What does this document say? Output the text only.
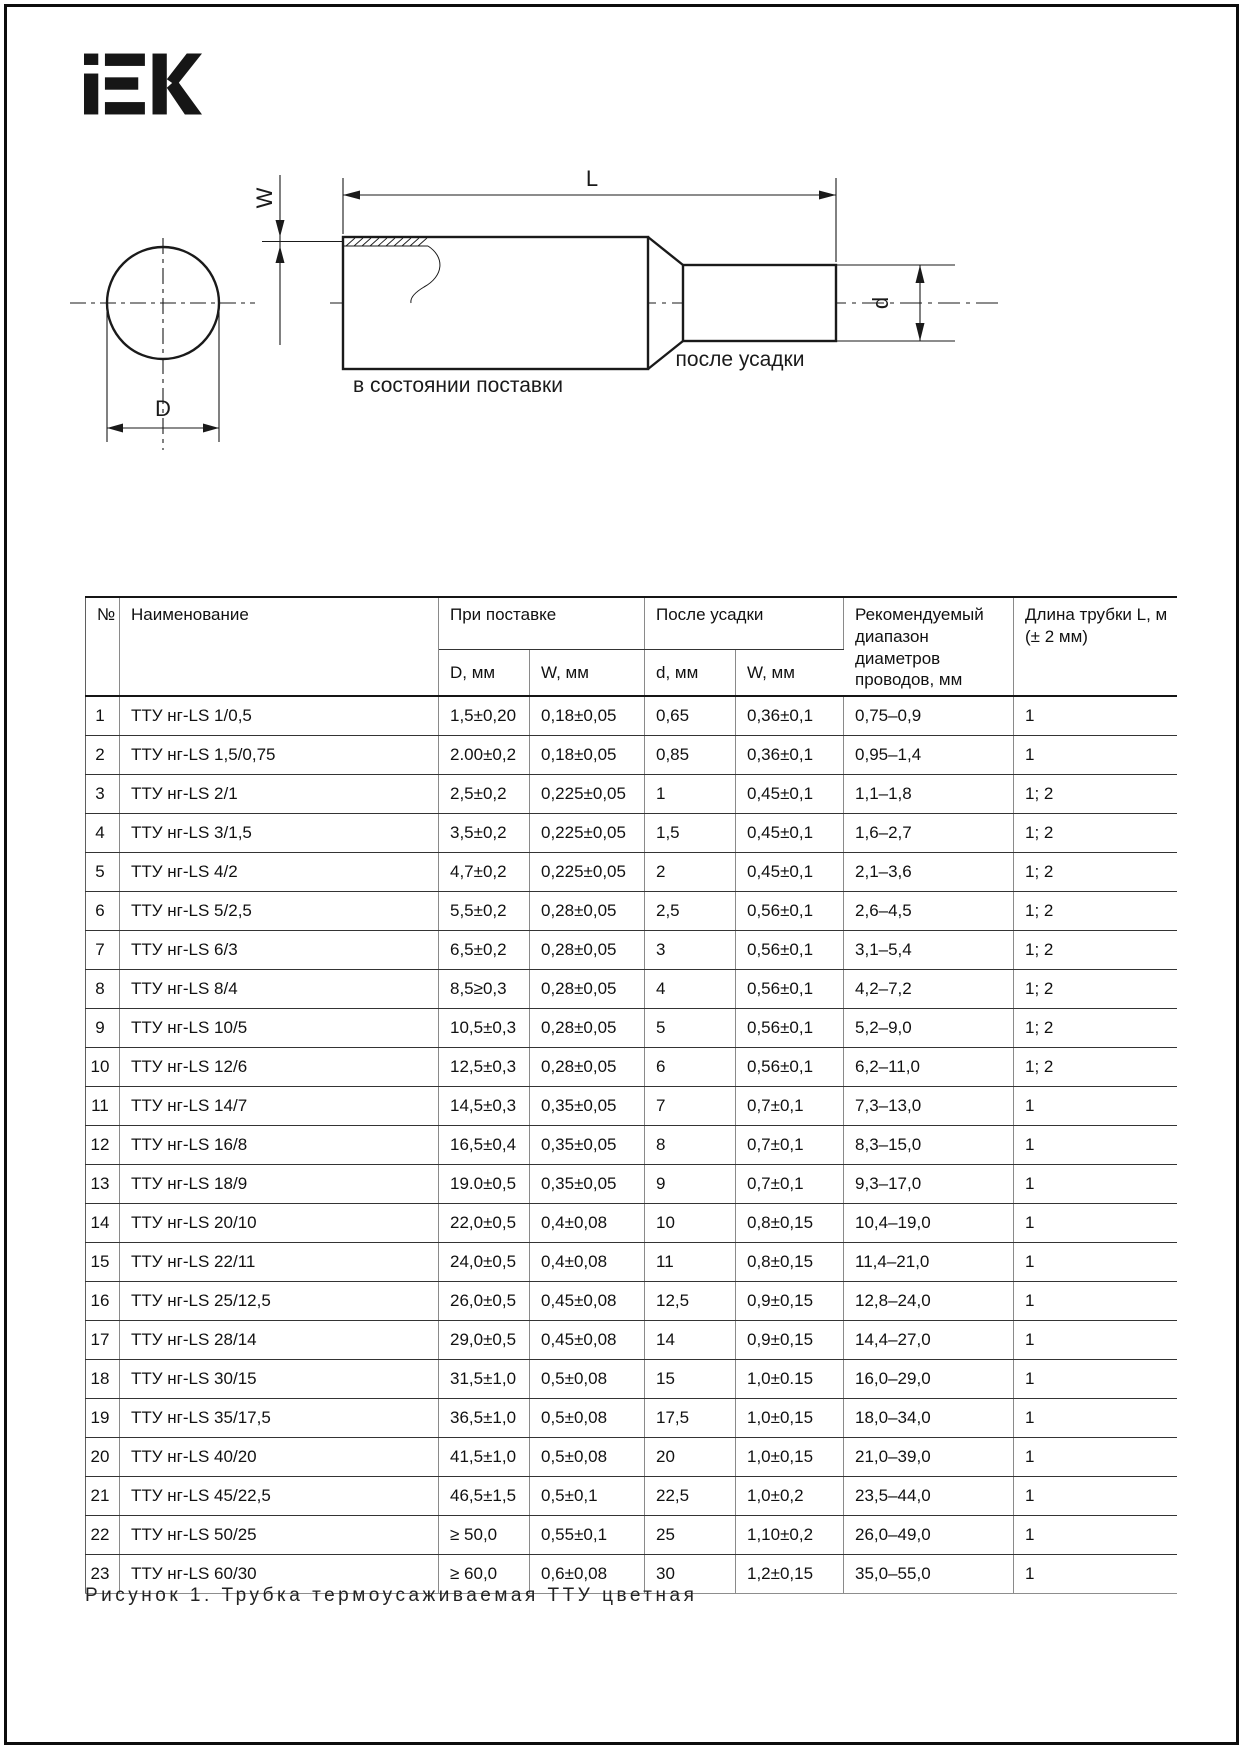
W
L
D
d
после усадки
в состоянии поставки
№	Наименование	При поставке		После усадки		Рекомендуемый диапазон диаметров проводов, мм	Длина трубки L, м (± 2 мм)
		D, мм	W, мм	d, мм	W, мм		
1	ТТУ нг-LS 1/0,5	1,5±0,20	0,18±0,05	0,65	0,36±0,1	0,75–0,9	1
2	ТТУ нг-LS 1,5/0,75	2.00±0,2	0,18±0,05	0,85	0,36±0,1	0,95–1,4	1
3	ТТУ нг-LS 2/1	2,5±0,2	0,225±0,05	1	0,45±0,1	1,1–1,8	1; 2
4	ТТУ нг-LS 3/1,5	3,5±0,2	0,225±0,05	1,5	0,45±0,1	1,6–2,7	1; 2
5	ТТУ нг-LS 4/2	4,7±0,2	0,225±0,05	2	0,45±0,1	2,1–3,6	1; 2
6	ТТУ нг-LS 5/2,5	5,5±0,2	0,28±0,05	2,5	0,56±0,1	2,6–4,5	1; 2
7	ТТУ нг-LS 6/3	6,5±0,2	0,28±0,05	3	0,56±0,1	3,1–5,4	1; 2
8	ТТУ нг-LS 8/4	8,5≥0,3	0,28±0,05	4	0,56±0,1	4,2–7,2	1; 2
9	ТТУ нг-LS 10/5	10,5±0,3	0,28±0,05	5	0,56±0,1	5,2–9,0	1; 2
10	ТТУ нг-LS 12/6	12,5±0,3	0,28±0,05	6	0,56±0,1	6,2–11,0	1; 2
11	ТТУ нг-LS 14/7	14,5±0,3	0,35±0,05	7	0,7±0,1	7,3–13,0	1
12	ТТУ нг-LS 16/8	16,5±0,4	0,35±0,05	8	0,7±0,1	8,3–15,0	1
13	ТТУ нг-LS 18/9	19.0±0,5	0,35±0,05	9	0,7±0,1	9,3–17,0	1
14	ТТУ нг-LS 20/10	22,0±0,5	0,4±0,08	10	0,8±0,15	10,4–19,0	1
15	ТТУ нг-LS 22/11	24,0±0,5	0,4±0,08	11	0,8±0,15	11,4–21,0	1
16	ТТУ нг-LS 25/12,5	26,0±0,5	0,45±0,08	12,5	0,9±0,15	12,8–24,0	1
17	ТТУ нг-LS 28/14	29,0±0,5	0,45±0,08	14	0,9±0,15	14,4–27,0	1
18	ТТУ нг-LS 30/15	31,5±1,0	0,5±0,08	15	1,0±0.15	16,0–29,0	1
19	ТТУ нг-LS 35/17,5	36,5±1,0	0,5±0,08	17,5	1,0±0,15	18,0–34,0	1
20	ТТУ нг-LS 40/20	41,5±1,0	0,5±0,08	20	1,0±0,15	21,0–39,0	1
21	ТТУ нг-LS 45/22,5	46,5±1,5	0,5±0,1	22,5	1,0±0,2	23,5–44,0	1
22	ТТУ нг-LS 50/25	≥ 50,0	0,55±0,1	25	1,10±0,2	26,0–49,0	1
23	ТТУ нг-LS 60/30	≥ 60,0	0,6±0,08	30	1,2±0,15	35,0–55,0	1
Рисунок 1. Трубка термоусаживаемая ТТУ цветная
